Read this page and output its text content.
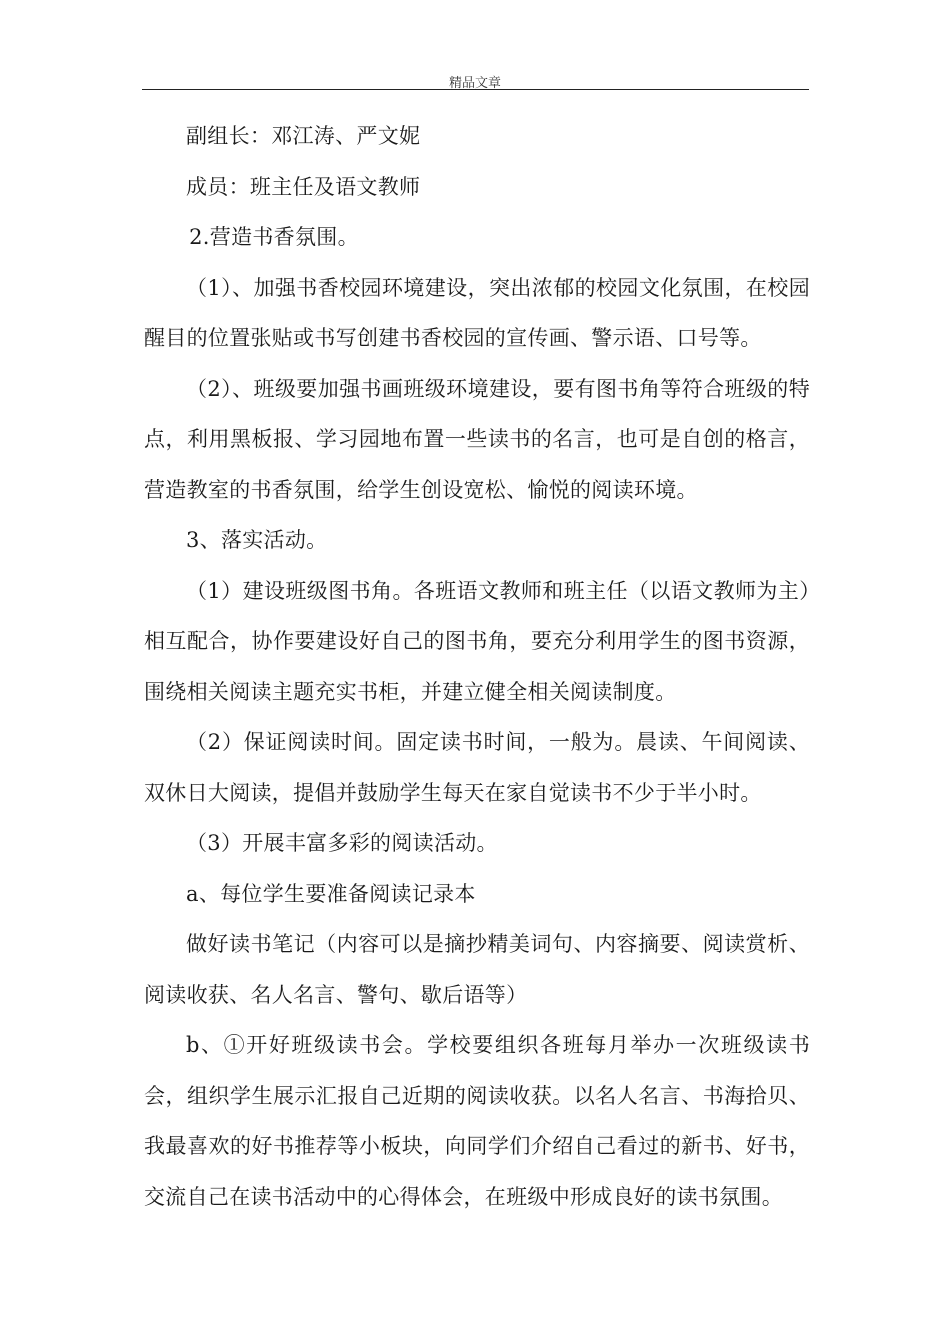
精品文章

副组长：邓江涛、严文妮

成员：班主任及语文教师

2.营造书香氛围。

（1）、加强书香校园环境建设，突出浓郁的校园文化氛围，在校园醒目的位置张贴或书写创建书香校园的宣传画、警示语、口号等。

（2）、班级要加强书画班级环境建设，要有图书角等符合班级的特点，利用黑板报、学习园地布置一些读书的名言，也可是自创的格言，营造教室的书香氛围，给学生创设宽松、愉悦的阅读环境。

3、落实活动。

（1）建设班级图书角。各班语文教师和班主任（以语文教师为主）相互配合，协作要建设好自己的图书角，要充分利用学生的图书资源，围绕相关阅读主题充实书柜，并建立健全相关阅读制度。

（2）保证阅读时间。固定读书时间，一般为。晨读、午间阅读、双休日大阅读，提倡并鼓励学生每天在家自觉读书不少于半小时。

（3）开展丰富多彩的阅读活动。

a、每位学生要准备阅读记录本

做好读书笔记（内容可以是摘抄精美词句、内容摘要、阅读赏析、阅读收获、名人名言、警句、歇后语等）

b、①开好班级读书会。学校要组织各班每月举办一次班级读书会，组织学生展示汇报自己近期的阅读收获。以名人名言、书海拾贝、我最喜欢的好书推荐等小板块，向同学们介绍自己看过的新书、好书，交流自己在读书活动中的心得体会，在班级中形成良好的读书氛围。
